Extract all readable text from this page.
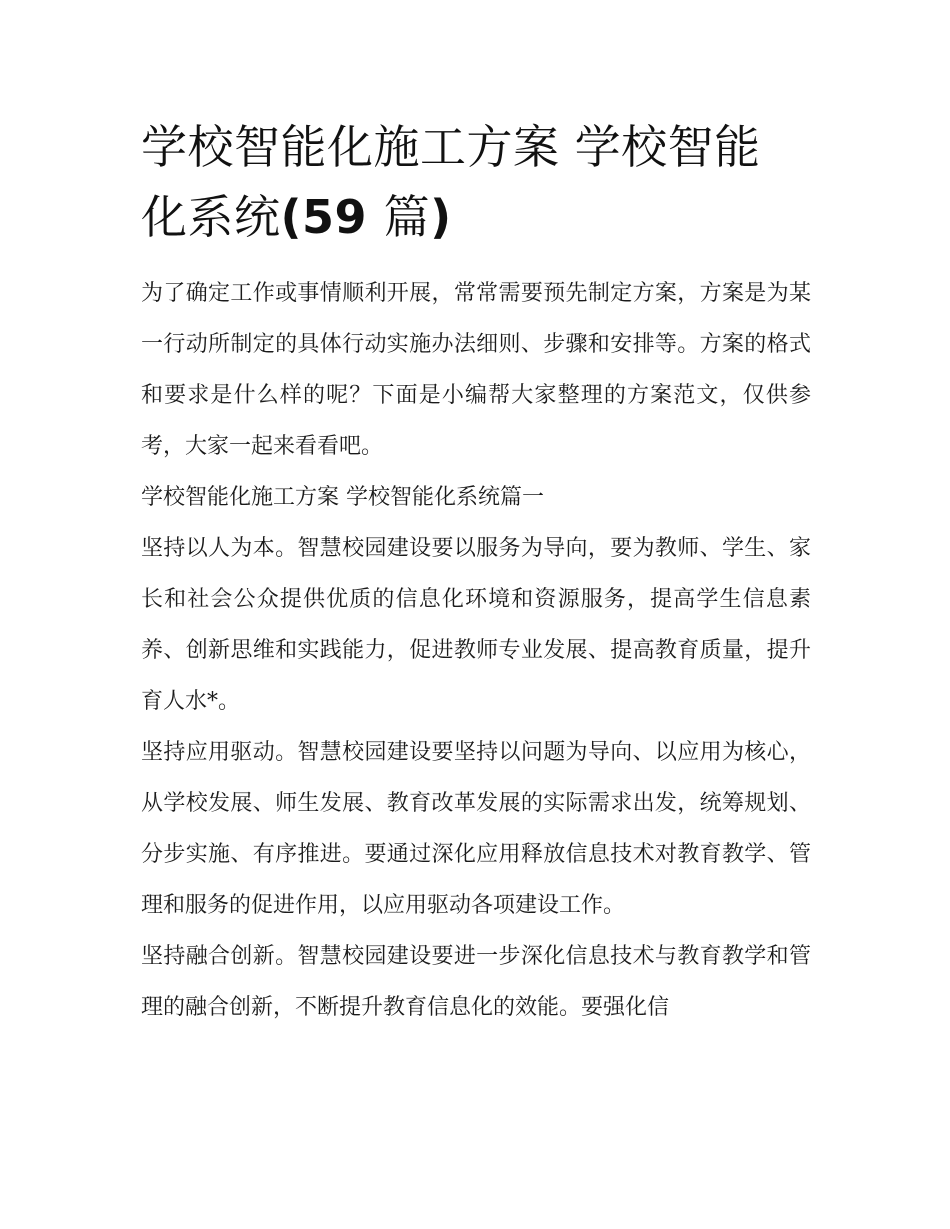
学校智能化施工方案 学校智能
化系统(59 篇)

为了确定工作或事情顺利开展，常常需要预先制定方案，方案是为某一行动所制定的具体行动实施办法细则、步骤和安排等。方案的格式和要求是什么样的呢？下面是小编帮大家整理的方案范文，仅供参考，大家一起来看看吧。

学校智能化施工方案 学校智能化系统篇一

坚持以人为本。智慧校园建设要以服务为导向，要为教师、学生、家长和社会公众提供优质的信息化环境和资源服务，提高学生信息素养、创新思维和实践能力，促进教师专业发展、提高教育质量，提升育人水*。

坚持应用驱动。智慧校园建设要坚持以问题为导向、以应用为核心，从学校发展、师生发展、教育改革发展的实际需求出发，统筹规划、分步实施、有序推进。要通过深化应用释放信息技术对教育教学、管理和服务的促进作用，以应用驱动各项建设工作。

坚持融合创新。智慧校园建设要进一步深化信息技术与教育教学和管理的融合创新，不断提升教育信息化的效能。要强化信
